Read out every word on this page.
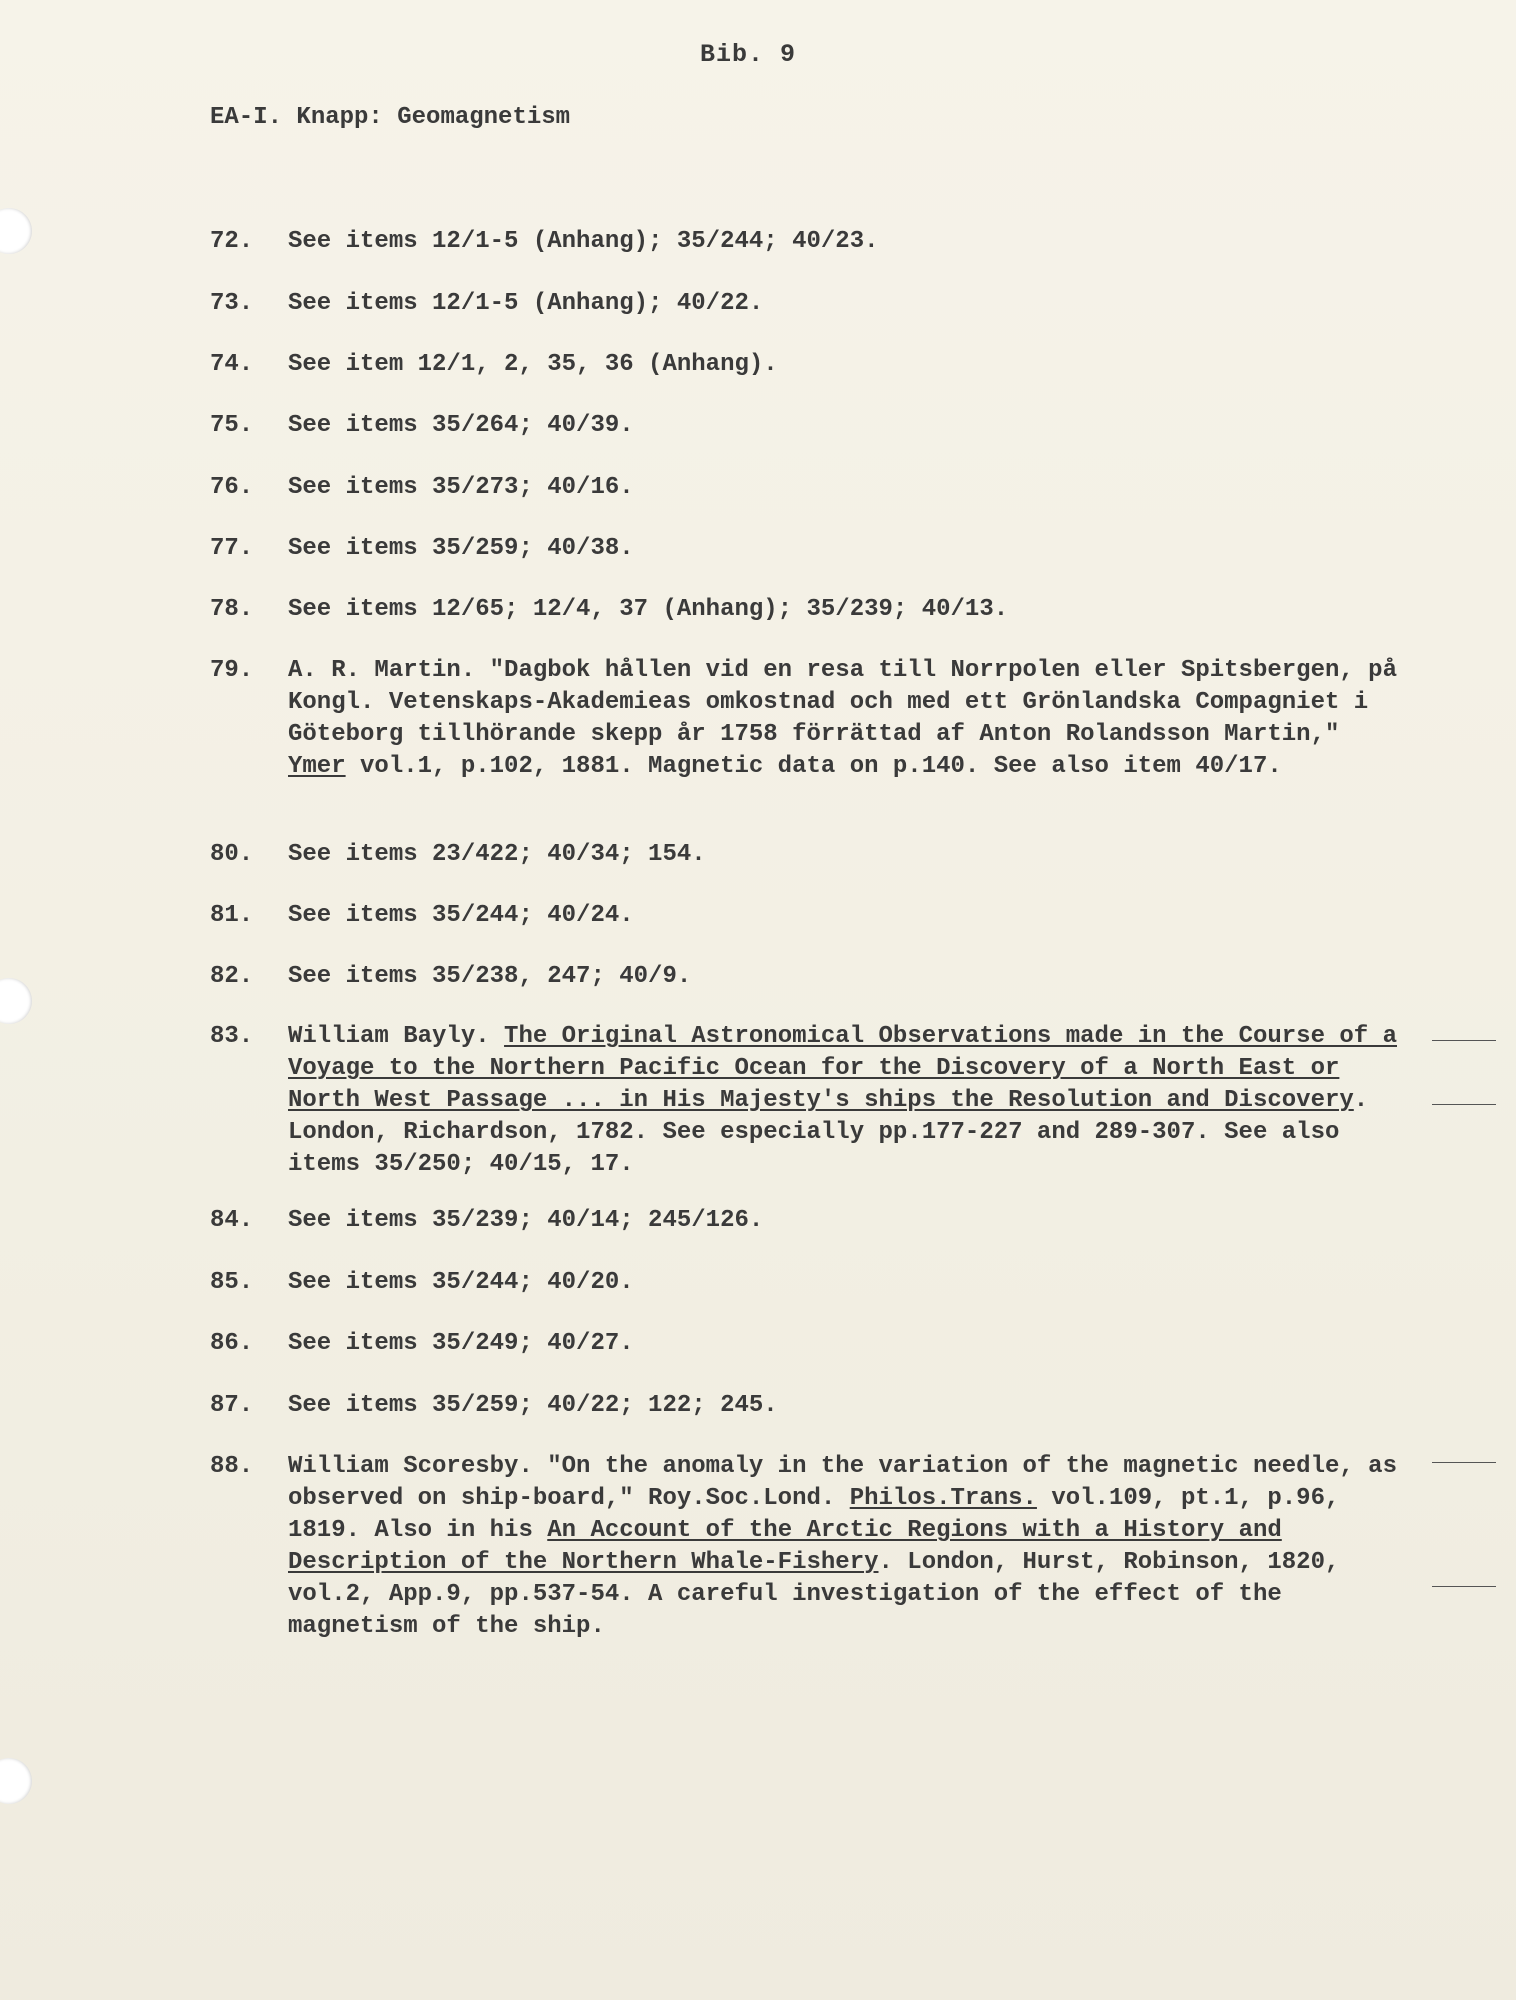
Bib. 9
EA-I. Knapp: Geomagnetism
72.	See items 12/1-5 (Anhang); 35/244; 40/23.
73.	See items 12/1-5 (Anhang); 40/22.
74.	See item 12/1, 2, 35, 36 (Anhang).
75.	See items 35/264; 40/39.
76.	See items 35/273; 40/16.
77.	See items 35/259; 40/38.
78.	See items 12/65; 12/4, 37 (Anhang); 35/239; 40/13.
79.	A. R. Martin. "Dagbok hållen vid en resa till Norrpolen eller Spitsbergen, på Kongl. Vetenskaps-Akademieas omkostnad och med ett Grönlandska Compagniet i Göteborg tillhörande skepp år 1758 förrättad af Anton Rolandsson Martin," Ymer vol.1, p.102, 1881. Magnetic data on p.140. See also item 40/17.
80.	See items 23/422; 40/34; 154.
81.	See items 35/244; 40/24.
82.	See items 35/238, 247; 40/9.
83.	William Bayly. The Original Astronomical Observations made in the Course of a Voyage to the Northern Pacific Ocean for the Discovery of a North East or North West Passage ... in His Majesty's ships the Resolution and Discovery. London, Richardson, 1782. See especially pp.177-227 and 289-307. See also items 35/250; 40/15, 17.
84.	See items 35/239; 40/14; 245/126.
85.	See items 35/244; 40/20.
86.	See items 35/249; 40/27.
87.	See items 35/259; 40/22; 122; 245.
88.	William Scoresby. "On the anomaly in the variation of the magnetic needle, as observed on ship-board," Roy.Soc.Lond. Philos.Trans. vol.109, pt.1, p.96, 1819. Also in his An Account of the Arctic Regions with a History and Description of the Northern Whale-Fishery. London, Hurst, Robinson, 1820, vol.2, App.9, pp.537-54. A careful investigation of the effect of the magnetism of the ship.
